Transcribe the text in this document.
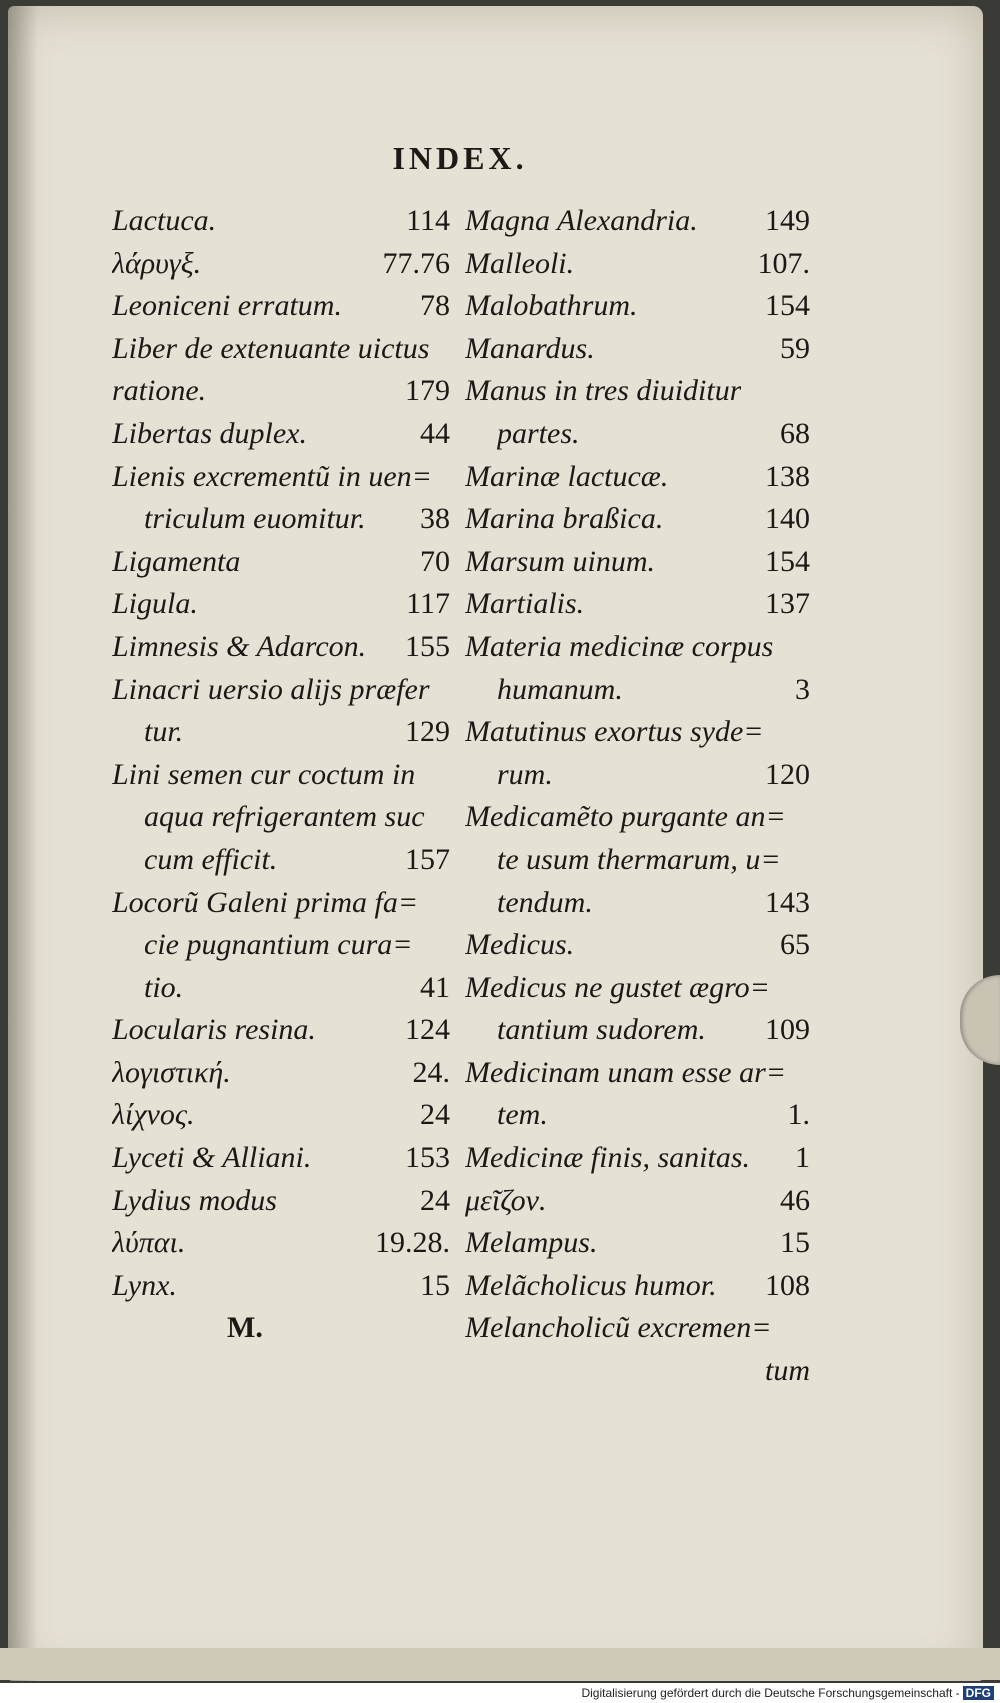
INDEX.
Lactuca.	114
λάρυγξ.	77.76
Leoniceni erratum.	78
Liber de extenuante uictus
ratione.	179
Libertas duplex.	44
Lienis excrementũ in uen=
triculum euomitur. 38
Ligamenta	70
Ligula.	117
Limnesis & Adarcon. 155
Linacri uersio alijs præfer
tur.	129
Lini semen cur coctum in
aqua refrigerantem suc
cum efficit.	157
Locorũ Galeni prima fa=
cie pugnantium cura=
tio.	41
Locularis resina.	124
λογιστική.	24.
λίχνος.	24
Lyceti & Alliani.	153
Lydius modus	24
λύπαι.	19.28.
Lynx.	15
M.
Magna Alexandria. 149
Malleoli.	107.
Malobathrum.	154
Manardus.	59
Manus in tres diuiditur
partes.	68
Marinæ lactucæ.	138
Marina braßica.	140
Marsum uinum.	154
Martialis.	137
Materia medicinæ corpus
humanum.	3
Matutinus exortus syde=
rum.	120
Medicamẽto purgante an=
te usum thermarum, u=
tendum.	143
Medicus.	65
Medicus ne gustet ægro=
tantium sudorem. 109
Medicinam unam esse ar=
tem.	1.
Medicinæ finis, sanitas. 1
μεῖζον.	46
Melampus.	15
Melãcholicus humor. 108
Melancholicũ excremen=
tum
Digitalisierung gefördert durch die Deutsche Forschungsgemeinschaft - DFG
